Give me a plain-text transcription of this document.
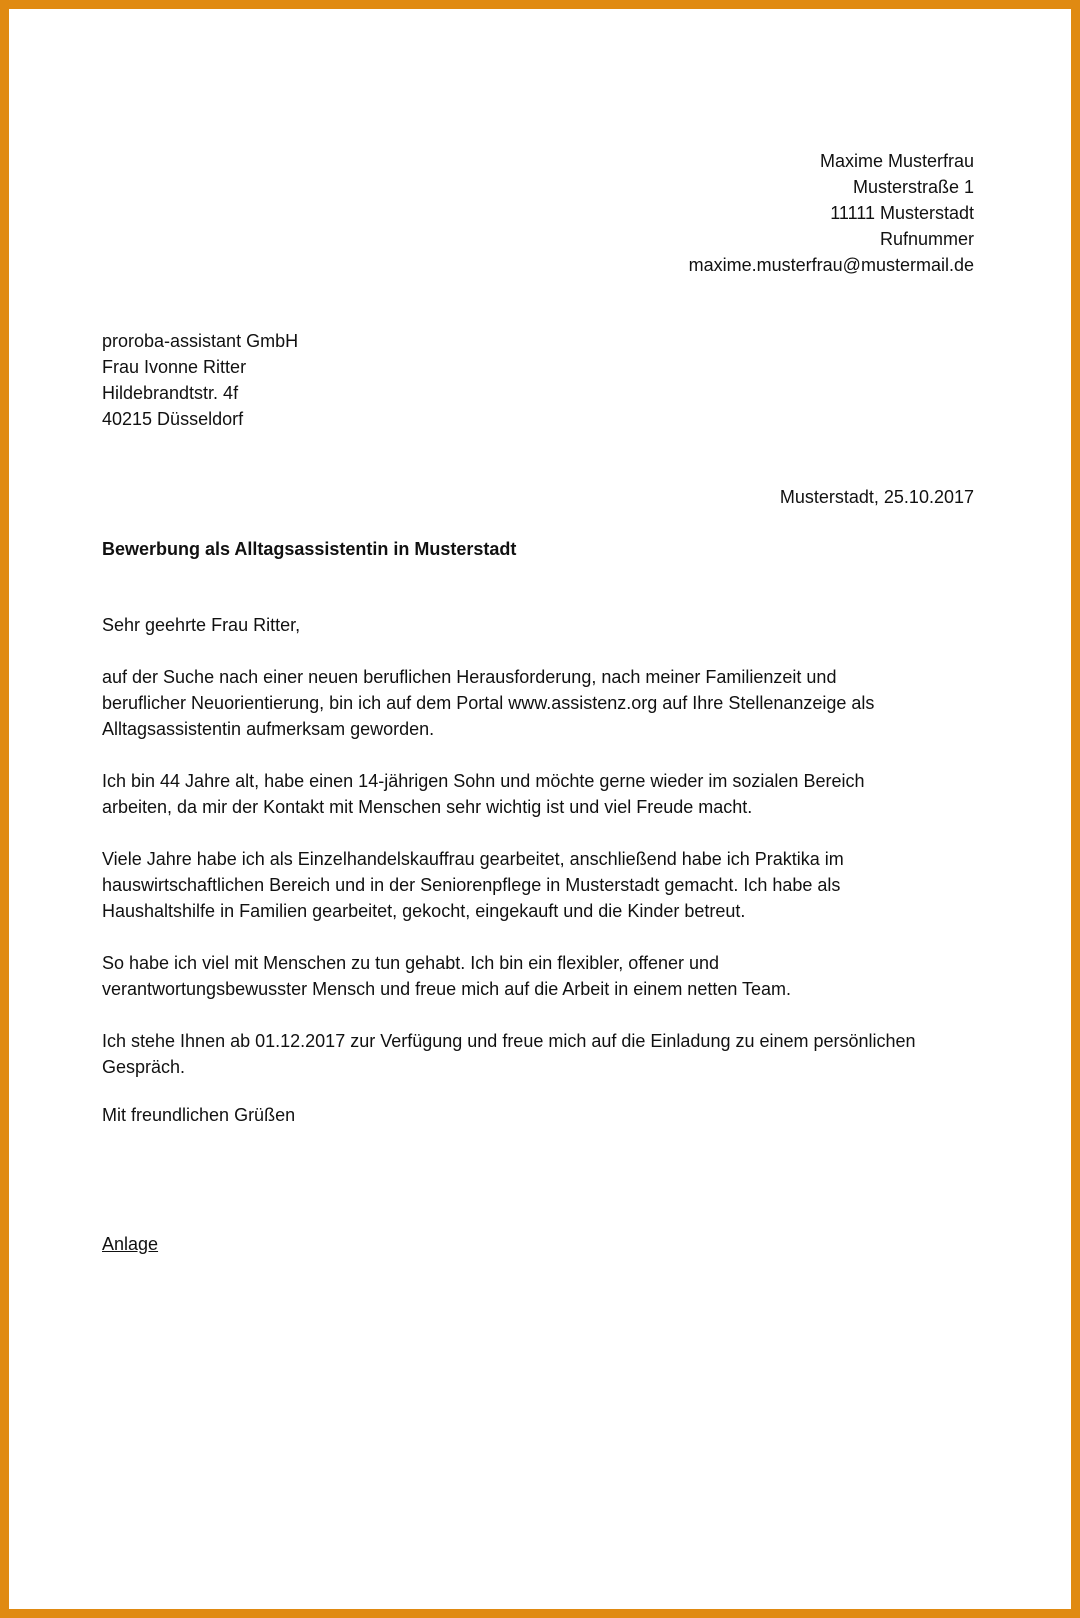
Maxime Musterfrau
Musterstraße 1
11111 Musterstadt
Rufnummer
maxime.musterfrau@mustermail.de
proroba-assistant GmbH
Frau Ivonne Ritter
Hildebrandtstr. 4f
40215 Düsseldorf
Musterstadt, 25.10.2017
Bewerbung als Alltagsassistentin in Musterstadt

Sehr geehrte Frau Ritter,

auf der Suche nach einer neuen beruflichen Herausforderung, nach meiner Familienzeit und
beruflicher Neuorientierung, bin ich auf dem Portal www.assistenz.org auf Ihre Stellenanzeige als
Alltagsassistentin aufmerksam geworden.

Ich bin 44 Jahre alt, habe einen 14-jährigen Sohn und möchte gerne wieder im sozialen Bereich
arbeiten, da mir der Kontakt mit Menschen sehr wichtig ist und viel Freude macht.

Viele Jahre habe ich als Einzelhandelskauffrau gearbeitet, anschließend habe ich Praktika im
hauswirtschaftlichen Bereich und in der Seniorenpflege in Musterstadt gemacht. Ich habe als
Haushaltshilfe in Familien gearbeitet, gekocht, eingekauft und die Kinder betreut.

So habe ich viel mit Menschen zu tun gehabt. Ich bin ein flexibler, offener und
verantwortungsbewusster Mensch und freue mich auf die Arbeit in einem netten Team.

Ich stehe Ihnen ab 01.12.2017 zur Verfügung und freue mich auf die Einladung zu einem persönlichen
Gespräch.

Mit freundlichen Grüßen
Anlage
